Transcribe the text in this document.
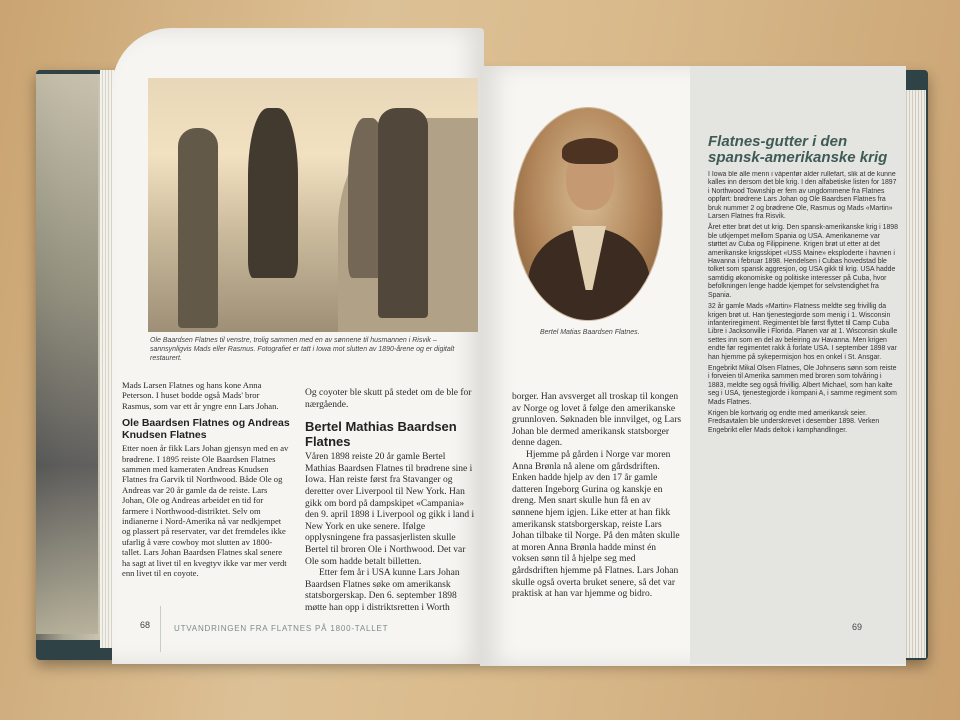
Ole Baardsen Flatnes til venstre, trolig sammen med en av sønnene til husmannen i Risvik – sannsynligvis Mads eller Rasmus. Fotografiet er tatt i Iowa mot slutten av 1890-årene og er digitalt restaurert.

Mads Larsen Flatnes og hans kone Anna Peterson. I huset bodde også Mads' bror Rasmus, som var ett år yngre enn Lars Johan.

Ole Baardsen Flatnes og Andreas Knudsen Flatnes

Etter noen år fikk Lars Johan gjensyn med en av brødrene. I 1895 reiste Ole Baardsen Flatnes sammen med kameraten Andreas Knudsen Flatnes fra Garvik til Northwood. Både Ole og Andreas var 20 år gamle da de reiste. Lars Johan, Ole og Andreas arbeidet en tid for farmere i Northwood-distriktet. Selv om indianerne i Nord-Amerika nå var nedkjempet og plassert på reservater, var det fremdeles ikke ufarlig å være cowboy mot slutten av 1800-tallet. Lars Johan Baardsen Flatnes skal senere ha sagt at livet til en kvegtyv ikke var mer verdt enn livet til en coyote.

Og coyoter ble skutt på stedet om de ble for nærgående.

Bertel Mathias Baardsen Flatnes

Våren 1898 reiste 20 år gamle Bertel Mathias Baardsen Flatnes til brødrene sine i Iowa. Han reiste først fra Stavanger og deretter over Liverpool til New York. Han gikk om bord på dampskipet «Campania» den 9. april 1898 i Liverpool og gikk i land i New York en uke senere. Ifølge opplysningene fra passasjerlisten skulle Bertel til broren Ole i Northwood. Det var Ole som hadde betalt billetten.

Etter fem år i USA kunne Lars Johan Baardsen Flatnes søke om amerikansk statsborgerskap. Den 6. september 1898 møtte han opp i distriktsretten i Worth

68	UTVANDRINGEN FRA FLATNES PÅ 1800-TALLET
Bertel Matias Baardsen Flatnes.

borger. Han avsverget all troskap til kongen av Norge og lovet å følge den amerikanske grunnloven. Søknaden ble innvilget, og Lars Johan ble dermed amerikansk statsborger denne dagen.

Hjemme på gården i Norge var moren Anna Brønla nå alene om gårdsdriften. Enken hadde hjelp av den 17 år gamle datteren Ingeborg Gurina og kanskje en dreng. Men snart skulle hun få en av sønnene hjem igjen. Like etter at han fikk amerikansk statsborgerskap, reiste Lars Johan tilbake til Norge. På den måten skulle at moren Anna Brønla hadde minst én voksen sønn til å hjelpe seg med gårdsdriften hjemme på Flatnes. Lars Johan skulle også overta bruket senere, så det var praktisk at han var hjemme og bidro.

Flatnes-gutter i den spansk-amerikanske krig

I Iowa ble alle menn i våpenfør alder rullefart, slik at de kunne kalles inn dersom det ble krig. I den alfabetiske listen for 1897 i Northwood Township er fem av ungdommene fra Flatnes oppført: brødrene Lars Johan og Ole Baardsen Flatnes fra bruk nummer 2 og brødrene Ole, Rasmus og Mads «Martin» Larsen Flatnes fra Risvik.

Året etter brøt det ut krig. Den spansk-amerikanske krig i 1898 ble utkjempet mellom Spania og USA. Amerikanerne var støttet av Cuba og Filippinene. Krigen brøt ut etter at det amerikanske krigsskipet «USS Maine» eksploderte i havnen i Havanna i februar 1898. Hendelsen i Cubas hovedstad ble tolket som spansk aggresjon, og USA gikk til krig. USA hadde samtidig økonomiske og politiske interesser på Cuba, hvor befolkningen lenge hadde kjempet for selvstendighet fra Spania.

32 år gamle Mads «Martin» Flatness meldte seg frivillig da krigen brøt ut. Han tjenestegjorde som menig i 1. Wisconsin infanteriregiment. Regimentet ble først flyttet til Camp Cuba Libre i Jacksonville i Florida. Planen var at 1. Wisconsin skulle settes inn som en del av beleiring av Havanna. Men krigen endte før regimentet rakk å forlate USA. I september 1898 var han hjemme på sykepermisjon hos en onkel i St. Ansgar.

Engebrikt Mikal Olsen Flatnes, Ole Johnsens sønn som reiste i forveien til Amerika sammen med broren som tolvåring i 1883, meldte seg også frivillig. Albert Michael, som han kalte seg i USA, tjenestegjorde i kompani A, i samme regiment som Mads Flatnes.

Krigen ble kortvarig og endte med amerikansk seier. Fredsavtalen ble underskrevet i desember 1898. Verken Engebrikt eller Mads deltok i kamphandlinger.

69
